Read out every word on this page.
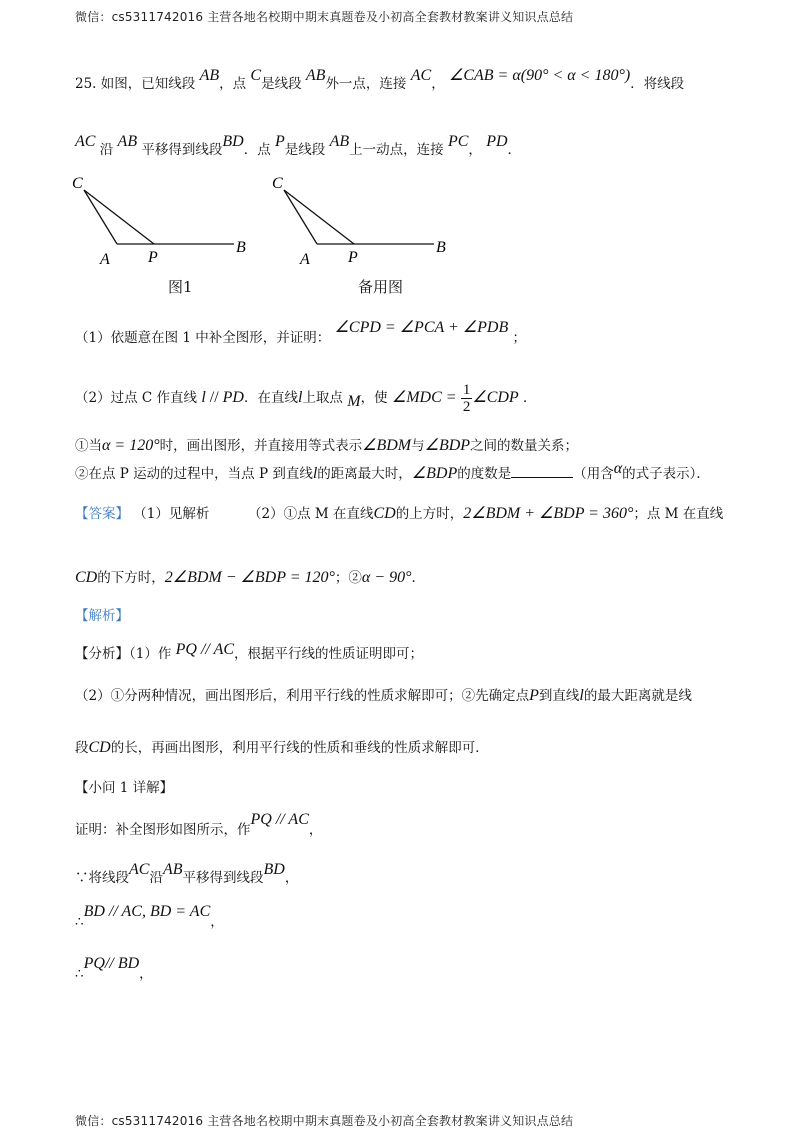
微信：cs5311742016 主营各地名校期中期末真题卷及小初高全套教材教案讲义知识点总结
25. 如图，已知线段 AB，点 C是线段 AB外一点，连接 AC， ∠CAB = α(90° < α < 180°)．将线段
AC 沿 AB 平移得到线段BD．点 P是线段 AB上一动点，连接 PC， PD．
C
A P
B
图1
C
A P
B
备用图
（1）依题意在图 1 中补全图形，并证明： ∠CPD = ∠PCA + ∠PDB ；
（2）过点 C 作直线 l // PD．在直线l上取点 M，使 ∠MDC = $\frac{1}{2}$ ∠CDP ．
①当α = 120°时，画出图形，并直接用等式表示∠BDM与∠BDP之间的数量关系；
②在点 P 运动的过程中，当点 P 到直线l的距离最大时，∠BDP的度数是	（用含α的式子表示）．
【答案】 （1）见解析	（2）①点 M 在直线CD的上方时，2∠BDM + ∠BDP = 360°；点 M 在直线
CD的下方时，2∠BDM − ∠BDP = 120°；②α − 90°．
【解析】
【分析】（1）作 PQ // AC，根据平行线的性质证明即可；
（2）①分两种情况，画出图形后，利用平行线的性质求解即可；②先确定点P到直线l的最大距离就是线
段CD的长，再画出图形，利用平行线的性质和垂线的性质求解即可．
【小问 1 详解】
证明：补全图形如图所示，作PQ // AC，
∵将线段AC沿AB平移得到线段BD，
∴BD // AC, BD = AC，
∴PQ// BD，
微信：cs5311742016 主营各地名校期中期末真题卷及小初高全套教材教案讲义知识点总结
